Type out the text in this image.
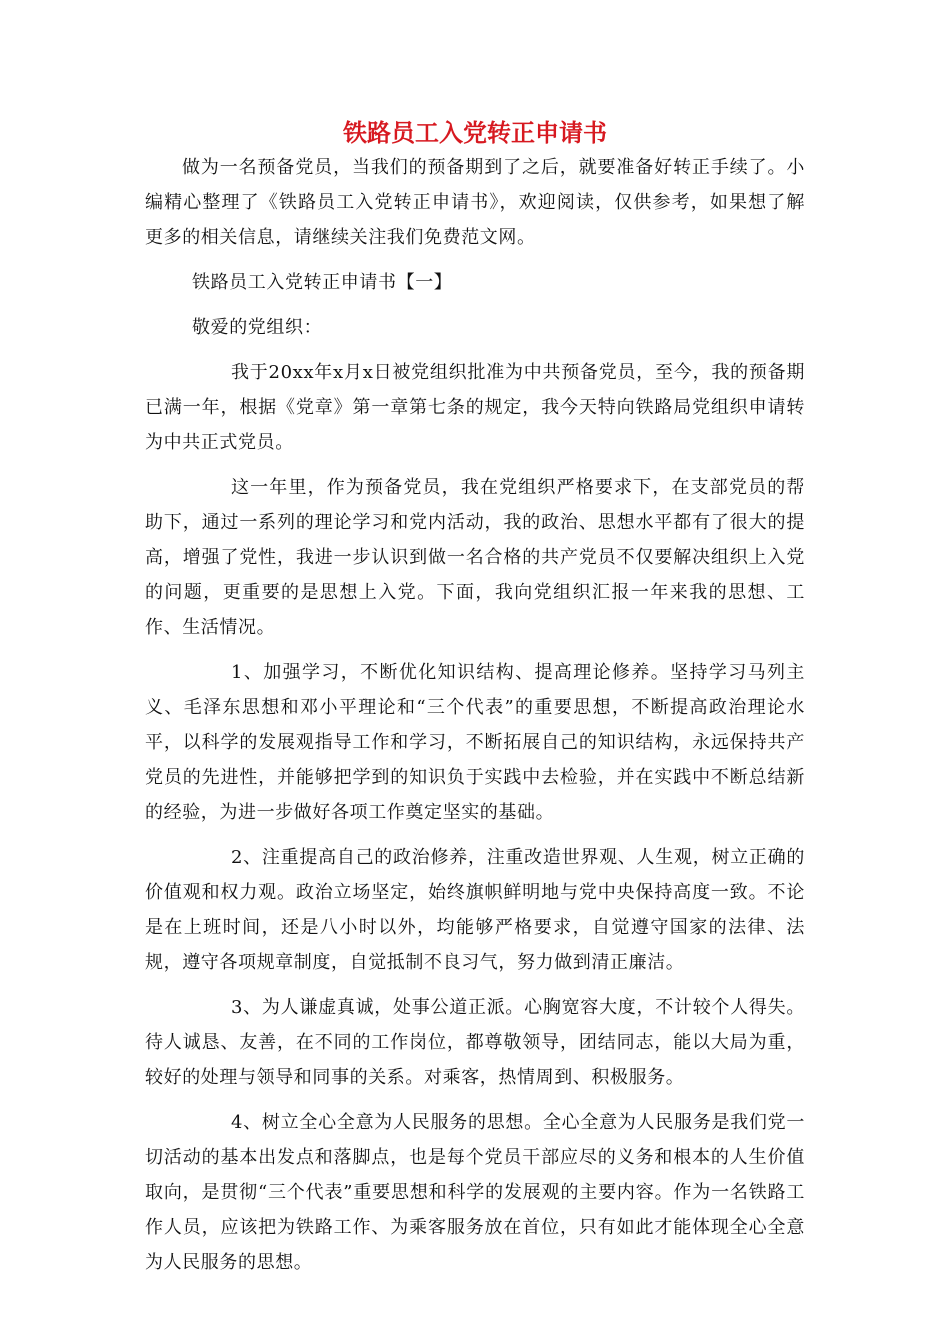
铁路员工入党转正申请书

做为一名预备党员，当我们的预备期到了之后，就要准备好转正手续了。小编精心整理了《铁路员工入党转正申请书》，欢迎阅读，仅供参考，如果想了解更多的相关信息，请继续关注我们免费范文网。

铁路员工入党转正申请书【一】

敬爱的党组织：

我于20xx年x月x日被党组织批准为中共预备党员，至今，我的预备期已满一年，根据《党章》第一章第七条的规定，我今天特向铁路局党组织申请转为中共正式党员。

这一年里，作为预备党员，我在党组织严格要求下，在支部党员的帮助下，通过一系列的理论学习和党内活动，我的政治、思想水平都有了很大的提高，增强了党性，我进一步认识到做一名合格的共产党员不仅要解决组织上入党的问题，更重要的是思想上入党。下面，我向党组织汇报一年来我的思想、工作、生活情况。

1、加强学习，不断优化知识结构、提高理论修养。坚持学习马列主义、毛泽东思想和邓小平理论和“三个代表”的重要思想，不断提高政治理论水平，以科学的发展观指导工作和学习，不断拓展自己的知识结构，永远保持共产党员的先进性，并能够把学到的知识负于实践中去检验，并在实践中不断总结新的经验，为进一步做好各项工作奠定坚实的基础。

2、注重提高自己的政治修养，注重改造世界观、人生观，树立正确的价值观和权力观。政治立场坚定，始终旗帜鲜明地与党中央保持高度一致。不论是在上班时间，还是八小时以外，均能够严格要求，自觉遵守国家的法律、法规，遵守各项规章制度，自觉抵制不良习气，努力做到清正廉洁。

3、为人谦虚真诚，处事公道正派。心胸宽容大度，不计较个人得失。待人诚恳、友善，在不同的工作岗位，都尊敬领导，团结同志，能以大局为重，较好的处理与领导和同事的关系。对乘客，热情周到、积极服务。

4、树立全心全意为人民服务的思想。全心全意为人民服务是我们党一切活动的基本出发点和落脚点，也是每个党员干部应尽的义务和根本的人生价值取向，是贯彻“三个代表”重要思想和科学的发展观的主要内容。作为一名铁路工作人员，应该把为铁路工作、为乘客服务放在首位，只有如此才能体现全心全意为人民服务的思想。
